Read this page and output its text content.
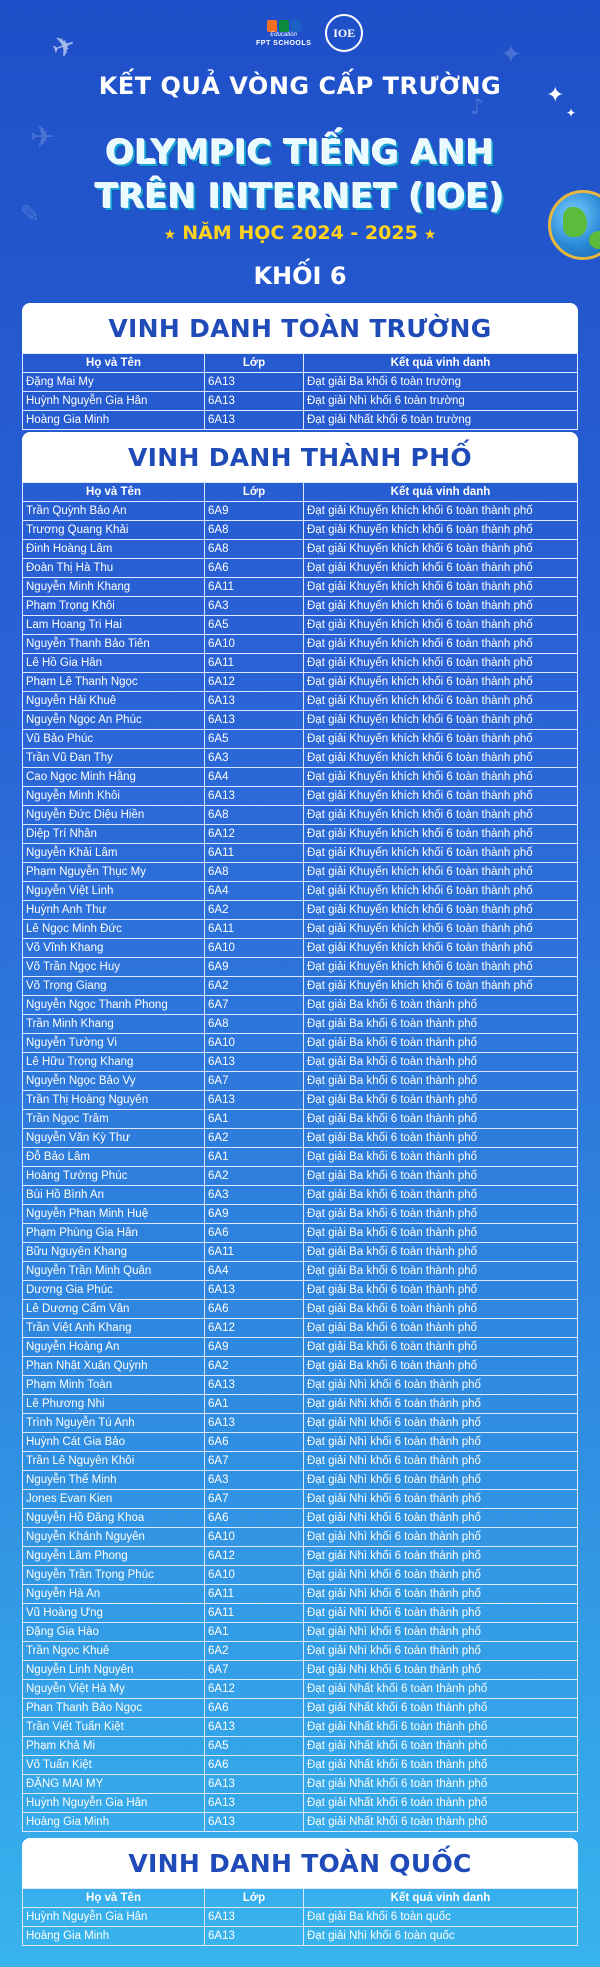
✈
✦
✎
♪
✈	Education
FPT SCHOOLS
IOE
✦
✦
KẾT QUẢ VÒNG CẤP TRƯỜNG
OLYMPIC TIẾNG ANH
TRÊN INTERNET (IOE)
★ NĂM HỌC 2024 - 2025 ★
KHỐI 6
VINH DANH TOÀN TRƯỜNG
Họ và Tên	Lớp	Kết quả vinh danh
Đặng Mai My	6A13	Đạt giải Ba khối 6 toàn trường
Huỳnh Nguyễn Gia Hân	6A13	Đạt giải Nhì khối 6 toàn trường
Hoàng Gia Minh	6A13	Đạt giải Nhất khối 6 toàn trường
VINH DANH THÀNH PHỐ
Họ và Tên	Lớp	Kết quả vinh danh
Trần Quỳnh Bảo An	6A9	Đạt giải Khuyến khích khối 6 toàn thành phố
Trương Quang Khải	6A8	Đạt giải Khuyến khích khối 6 toàn thành phố
Đinh Hoàng Lâm	6A8	Đạt giải Khuyến khích khối 6 toàn thành phố
Đoàn Thị Hà Thu	6A6	Đạt giải Khuyến khích khối 6 toàn thành phố
Nguyễn Minh Khang	6A11	Đạt giải Khuyến khích khối 6 toàn thành phố
Phạm Trọng Khôi	6A3	Đạt giải Khuyến khích khối 6 toàn thành phố
Lam Hoang Tri Hai	6A5	Đạt giải Khuyến khích khối 6 toàn thành phố
Nguyễn Thanh Bảo Tiên	6A10	Đạt giải Khuyến khích khối 6 toàn thành phố
Lê Hồ Gia Hân	6A11	Đạt giải Khuyến khích khối 6 toàn thành phố
Phạm Lê Thanh Ngọc	6A12	Đạt giải Khuyến khích khối 6 toàn thành phố
Nguyễn Hải Khuê	6A13	Đạt giải Khuyến khích khối 6 toàn thành phố
Nguyễn Ngọc An Phúc	6A13	Đạt giải Khuyến khích khối 6 toàn thành phố
Vũ Bảo Phúc	6A5	Đạt giải Khuyến khích khối 6 toàn thành phố
Trần Vũ Đan Thy	6A3	Đạt giải Khuyến khích khối 6 toàn thành phố
Cao Ngọc Minh Hằng	6A4	Đạt giải Khuyến khích khối 6 toàn thành phố
Nguyễn Minh Khôi	6A13	Đạt giải Khuyến khích khối 6 toàn thành phố
Nguyễn Đức Diệu Hiền	6A8	Đạt giải Khuyến khích khối 6 toàn thành phố
Diệp Trí Nhân	6A12	Đạt giải Khuyến khích khối 6 toàn thành phố
Nguyễn Khải Lâm	6A11	Đạt giải Khuyến khích khối 6 toàn thành phố
Phạm Nguyễn Thục My	6A8	Đạt giải Khuyến khích khối 6 toàn thành phố
Nguyễn Việt Linh	6A4	Đạt giải Khuyến khích khối 6 toàn thành phố
Huỳnh Anh Thư	6A2	Đạt giải Khuyến khích khối 6 toàn thành phố
Lê Ngọc Minh Đức	6A11	Đạt giải Khuyến khích khối 6 toàn thành phố
Võ Vĩnh Khang	6A10	Đạt giải Khuyến khích khối 6 toàn thành phố
Võ Trần Ngọc Huy	6A9	Đạt giải Khuyến khích khối 6 toàn thành phố
Võ Trọng Giang	6A2	Đạt giải Khuyến khích khối 6 toàn thành phố
Nguyễn Ngọc Thanh Phong	6A7	Đạt giải Ba khối 6 toàn thành phố
Trần Minh Khang	6A8	Đạt giải Ba khối 6 toàn thành phố
Nguyễn Tường Vi	6A10	Đạt giải Ba khối 6 toàn thành phố
Lê Hữu Trọng Khang	6A13	Đạt giải Ba khối 6 toàn thành phố
Nguyễn Ngọc Bảo Vy	6A7	Đạt giải Ba khối 6 toàn thành phố
Trần Thị Hoàng Nguyên	6A13	Đạt giải Ba khối 6 toàn thành phố
Trần Ngọc Trâm	6A1	Đạt giải Ba khối 6 toàn thành phố
Nguyễn Văn Kỳ Thư	6A2	Đạt giải Ba khối 6 toàn thành phố
Đỗ Bảo Lâm	6A1	Đạt giải Ba khối 6 toàn thành phố
Hoàng Tường Phúc	6A2	Đạt giải Ba khối 6 toàn thành phố
Bùi Hồ Bình An	6A3	Đạt giải Ba khối 6 toàn thành phố
Nguyễn Phan Minh Huệ	6A9	Đạt giải Ba khối 6 toàn thành phố
Phạm Phùng Gia Hân	6A6	Đạt giải Ba khối 6 toàn thành phố
Bữu Nguyên Khang	6A11	Đạt giải Ba khối 6 toàn thành phố
Nguyễn Trần Minh Quân	6A4	Đạt giải Ba khối 6 toàn thành phố
Dương Gia Phúc	6A13	Đạt giải Ba khối 6 toàn thành phố
Lê Dương Cẩm Vân	6A6	Đạt giải Ba khối 6 toàn thành phố
Trần Việt Anh Khang	6A12	Đạt giải Ba khối 6 toàn thành phố
Nguyễn Hoàng An	6A9	Đạt giải Ba khối 6 toàn thành phố
Phan Nhật Xuân Quỳnh	6A2	Đạt giải Ba khối 6 toàn thành phố
Phạm Minh Toàn	6A13	Đạt giải Nhì khối 6 toàn thành phố
Lê Phương Nhi	6A1	Đạt giải Nhì khối 6 toàn thành phố
Trình Nguyễn Tú Anh	6A13	Đạt giải Nhì khối 6 toàn thành phố
Huỳnh Cát Gia Bảo	6A6	Đạt giải Nhì khối 6 toàn thành phố
Trần Lê Nguyên Khôi	6A7	Đạt giải Nhì khối 6 toàn thành phố
Nguyễn Thế Minh	6A3	Đạt giải Nhì khối 6 toàn thành phố
Jones Evan Kien	6A7	Đạt giải Nhì khối 6 toàn thành phố
Nguyễn Hồ Đăng Khoa	6A6	Đạt giải Nhì khối 6 toàn thành phố
Nguyễn Khánh Nguyên	6A10	Đạt giải Nhì khối 6 toàn thành phố
Nguyễn Lâm Phong	6A12	Đạt giải Nhì khối 6 toàn thành phố
Nguyễn Trần Trọng Phúc	6A10	Đạt giải Nhì khối 6 toàn thành phố
Nguyễn Hà An	6A11	Đạt giải Nhì khối 6 toàn thành phố
Vũ Hoàng Ưng	6A11	Đạt giải Nhì khối 6 toàn thành phố
Đặng Gia Hào	6A1	Đạt giải Nhì khối 6 toàn thành phố
Trần Ngọc Khuê	6A2	Đạt giải Nhì khối 6 toàn thành phố
Nguyễn Linh Nguyên	6A7	Đạt giải Nhì khối 6 toàn thành phố
Nguyễn Việt Hà My	6A12	Đạt giải Nhất khối 6 toàn thành phố
Phan Thanh Bảo Ngọc	6A6	Đạt giải Nhất khối 6 toàn thành phố
Trần Viết Tuấn Kiệt	6A13	Đạt giải Nhất khối 6 toàn thành phố
Phạm Khả Mi	6A5	Đạt giải Nhất khối 6 toàn thành phố
Võ Tuấn Kiệt	6A6	Đạt giải Nhất khối 6 toàn thành phố
ĐẶNG MAI MY	6A13	Đạt giải Nhất khối 6 toàn thành phố
Huỳnh Nguyễn Gia Hân	6A13	Đạt giải Nhất khối 6 toàn thành phố
Hoàng Gia Minh	6A13	Đạt giải Nhất khối 6 toàn thành phố
VINH DANH TOÀN QUỐC
Họ và Tên	Lớp	Kết quả vinh danh
Huỳnh Nguyễn Gia Hân	6A13	Đạt giải Ba khối 6 toàn quốc
Hoàng Gia Minh	6A13	Đạt giải Nhì khối 6 toàn quốc
